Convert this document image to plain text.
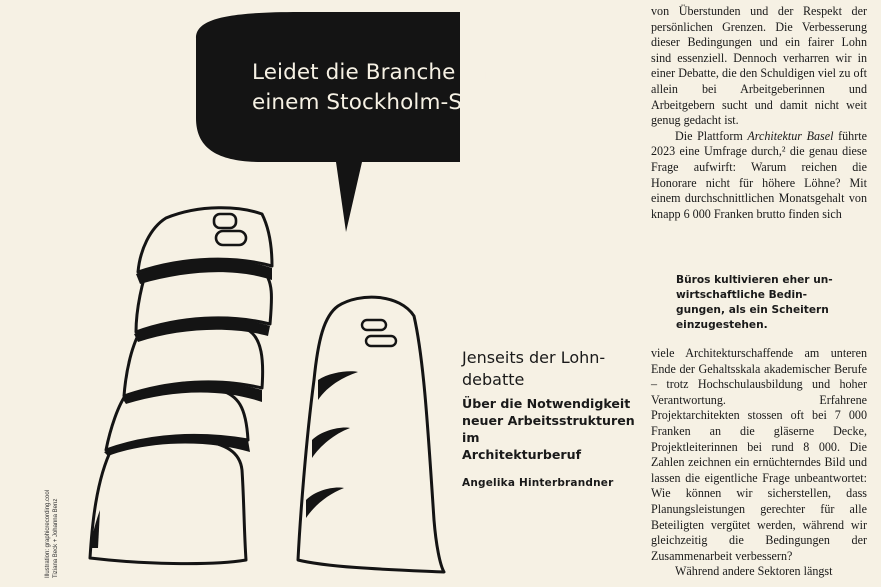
Leidet die Branche an
einem Stockholm-Syndrom?
Illustration: graphicrecording.cool Tiziana Beck + Johanna Benz
Jenseits der Lohn-
debatte
Über die Notwendigkeit
neuer Arbeitsstrukturen im
Architekturberuf
Angelika Hinterbrandner

von Überstunden und der Respekt der persönlichen Grenzen. Die Verbesserung dieser Bedingungen und ein fairer Lohn sind essenziell. Dennoch verharren wir in einer Debatte, die den Schuldigen viel zu oft allein bei Arbeitgeberinnen und Arbeitgebern sucht und damit nicht weit genug gedacht ist.

Die Plattform Architektur Basel führte 2023 eine Umfrage durch,² die genau diese Frage aufwirft: Warum reichen die Honorare nicht für höhere Löhne? Mit einem durchschnittlichen Monatsgehalt von knapp 6 000 Franken brutto finden sich

Büros kultivieren eher un-
wirtschaftliche Bedin-
gungen, als ein Scheitern
einzugestehen.

viele Architekturschaffende am unteren Ende der Gehaltsskala akademischer Berufe – trotz Hochschulausbildung und hoher Verantwortung. Erfahrene Projektarchitekten stossen oft bei 7 000 Franken an die gläserne Decke, Projektleiterinnen bei rund 8 000. Die Zahlen zeichnen ein ernüchterndes Bild und lassen die eigentliche Frage unbeantwortet: Wie können wir sicherstellen, dass Planungsleistungen gerechter für alle Beteiligten vergütet werden, während wir gleichzeitig die Bedingungen der Zusammenarbeit verbessern?

Während andere Sektoren längst
